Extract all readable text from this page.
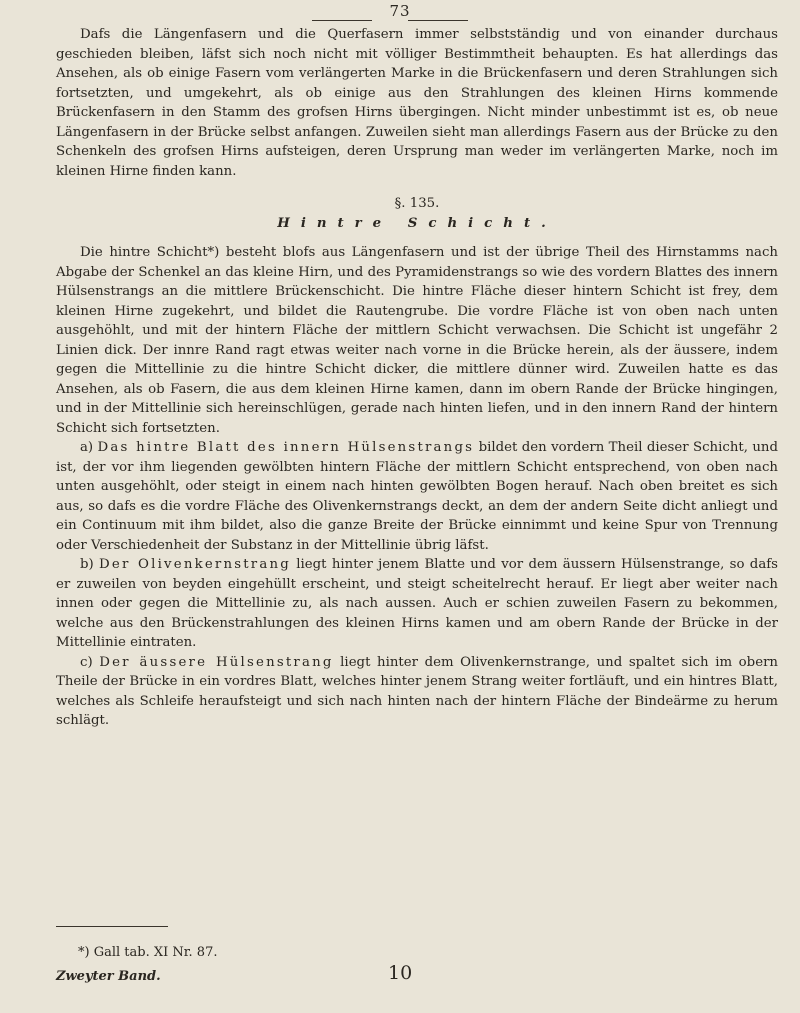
73

Dafs die Längenfasern und die Querfasern immer selbstständig und von einander durchaus geschieden bleiben, läfst sich noch nicht mit völliger Bestimmtheit behaupten. Es hat allerdings das Ansehen, als ob einige Fasern vom verlängerten Marke in die Brückenfasern und deren Strahlungen sich fortsetzten, und umgekehrt, als ob einige aus den Strahlungen des kleinen Hirns kommende Brückenfasern in den Stamm des grofsen Hirns übergingen. Nicht minder unbestimmt ist es, ob neue Längenfasern in der Brücke selbst anfangen. Zuweilen sieht man allerdings Fasern aus der Brücke zu den Schenkeln des grofsen Hirns aufsteigen, deren Ursprung man weder im verlängerten Marke, noch im kleinen Hirne finden kann.

§. 135.

Hintre Schicht.

Die hintre Schicht*) besteht blofs aus Längenfasern und ist der übrige Theil des Hirnstamms nach Abgabe der Schenkel an das kleine Hirn, und des Pyramidenstrangs so wie des vordern Blattes des innern Hülsenstrangs an die mittlere Brückenschicht. Die hintre Fläche dieser hintern Schicht ist frey, dem kleinen Hirne zugekehrt, und bildet die Rautengrube. Die vordre Fläche ist von oben nach unten ausgehöhlt, und mit der hintern Fläche der mittlern Schicht verwachsen. Die Schicht ist ungefähr 2 Linien dick. Der innre Rand ragt etwas weiter nach vorne in die Brücke herein, als der äussere, indem gegen die Mittellinie zu die hintre Schicht dicker, die mittlere dünner wird. Zuweilen hatte es das Ansehen, als ob Fasern, die aus dem kleinen Hirne kamen, dann im obern Rande der Brücke hingingen, und in der Mittellinie sich hereinschlügen, gerade nach hinten liefen, und in den innern Rand der hintern Schicht sich fortsetzten.

a) Das hintre Blatt des innern Hülsenstrangs bildet den vordern Theil dieser Schicht, und ist, der vor ihm liegenden gewölbten hintern Fläche der mittlern Schicht entsprechend, von oben nach unten ausgehöhlt, oder steigt in einem nach hinten gewölbten Bogen herauf. Nach oben breitet es sich aus, so dafs es die vordre Fläche des Olivenkernstrangs deckt, an dem der andern Seite dicht anliegt und ein Continuum mit ihm bildet, also die ganze Breite der Brücke einnimmt und keine Spur von Trennung oder Verschiedenheit der Substanz in der Mittellinie übrig läfst.

b) Der Olivenkernstrang liegt hinter jenem Blatte und vor dem äussern Hülsenstrange, so dafs er zuweilen von beyden eingehüllt erscheint, und steigt scheitelrecht herauf. Er liegt aber weiter nach innen oder gegen die Mittellinie zu, als nach aussen. Auch er schien zuweilen Fasern zu bekommen, welche aus den Brückenstrahlungen des kleinen Hirns kamen und am obern Rande der Brücke in der Mittellinie eintraten.

c) Der äussere Hülsenstrang liegt hinter dem Olivenkernstrange, und spaltet sich im obern Theile der Brücke in ein vordres Blatt, welches hinter jenem Strang weiter fortläuft, und ein hintres Blatt, welches als Schleife heraufsteigt und sich nach hinten nach der hintern Fläche der Bindeärme zu herum schlägt.

*) Gall tab. XI Nr. 87.

Zweyter Band.	10
